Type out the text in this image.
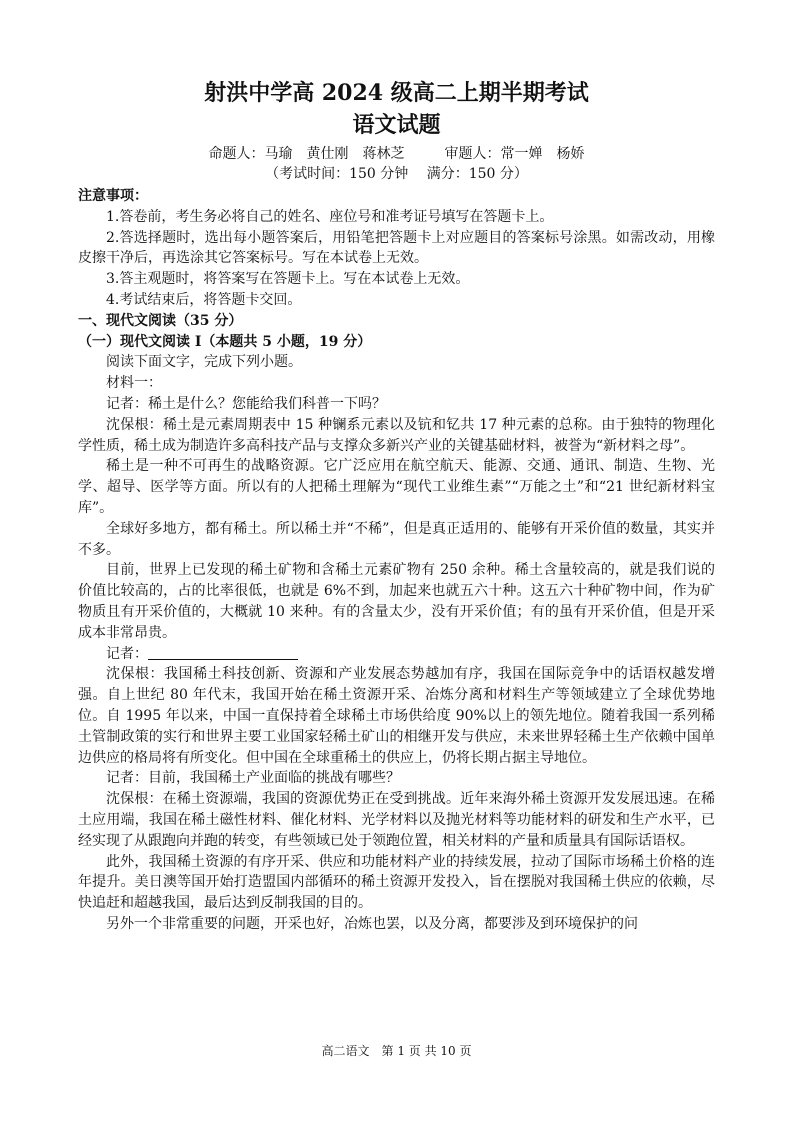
射洪中学高 2024 级高二上期半期考试
语文试题
命题人：马瑜　黄仕刚　蒋林芝	审题人：常一婵　杨娇
（考试时间：150 分钟　 满分：150 分）
注意事项：

1.答卷前，考生务必将自己的姓名、座位号和准考证号填写在答题卡上。

2.答选择题时，选出每小题答案后，用铅笔把答题卡上对应题目的答案标号涂黑。如需改动，用橡皮擦干净后，再选涂其它答案标号。写在本试卷上无效。

3.答主观题时，将答案写在答题卡上。写在本试卷上无效。

4.考试结束后，将答题卡交回。

一、现代文阅读（35 分）
（一）现代文阅读 I（本题共 5 小题，19 分）

阅读下面文字，完成下列小题。

材料一：

记者：稀土是什么？您能给我们科普一下吗？

沈保根：稀土是元素周期表中 15 种镧系元素以及钪和钇共 17 种元素的总称。由于独特的物理化学性质，稀土成为制造许多高科技产品与支撑众多新兴产业的关键基础材料，被誉为“新材料之母”。

稀土是一种不可再生的战略资源。它广泛应用在航空航天、能源、交通、通讯、制造、生物、光学、超导、医学等方面。所以有的人把稀土理解为“现代工业维生素”“万能之土”和“21 世纪新材料宝库”。

全球好多地方，都有稀土。所以稀土并“不稀”，但是真正适用的、能够有开采价值的数量，其实并不多。

目前，世界上已发现的稀土矿物和含稀土元素矿物有 250 余种。稀土含量较高的，就是我们说的价值比较高的，占的比率很低，也就是 6%不到，加起来也就五六十种。这五六十种矿物中间，作为矿物质且有开采价值的，大概就 10 来种。有的含量太少，没有开采价值；有的虽有开采价值，但是开采成本非常昂贵。

记者：

沈保根：我国稀土科技创新、资源和产业发展态势越加有序，我国在国际竞争中的话语权越发增强。自上世纪 80 年代末，我国开始在稀土资源开采、冶炼分离和材料生产等领域建立了全球优势地位。自 1995 年以来，中国一直保持着全球稀土市场供给度 90%以上的领先地位。随着我国一系列稀土管制政策的实行和世界主要工业国家轻稀土矿山的相继开发与供应，未来世界轻稀土生产依赖中国单边供应的格局将有所变化。但中国在全球重稀土的供应上，仍将长期占据主导地位。

记者：目前，我国稀土产业面临的挑战有哪些？

沈保根：在稀土资源端，我国的资源优势正在受到挑战。近年来海外稀土资源开发发展迅速。在稀土应用端，我国在稀土磁性材料、催化材料、光学材料以及抛光材料等功能材料的研发和生产水平，已经实现了从跟跑向并跑的转变，有些领域已处于领跑位置，相关材料的产量和质量具有国际话语权。

此外，我国稀土资源的有序开采、供应和功能材料产业的持续发展，拉动了国际市场稀土价格的连年提升。美日澳等国开始打造盟国内部循环的稀土资源开发投入，旨在摆脱对我国稀土供应的依赖，尽快追赶和超越我国，最后达到反制我国的目的。

另外一个非常重要的问题，开采也好，冶炼也罢，以及分离，都要涉及到环境保护的问

高二语文　第 1 页 共 10 页
